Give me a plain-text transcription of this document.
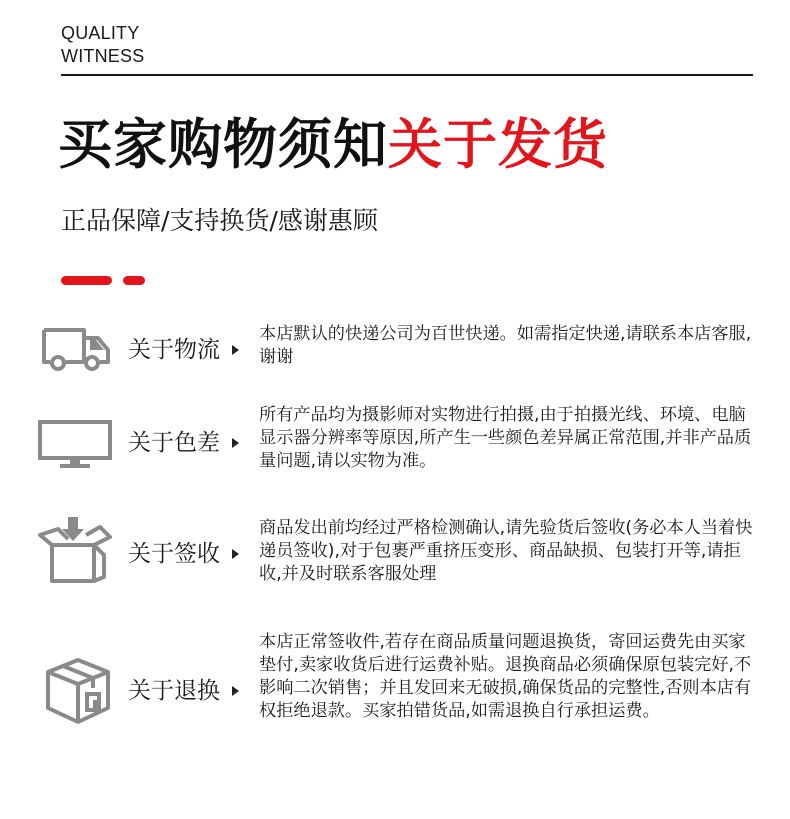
QUALITY
WITNESS
买家购物须知关于发货
正品保障/支持换货/感谢惠顾
关于物流

本店默认的快递公司为百世快递。如需指定快递,请联系本店客服,谢谢

关于色差

所有产品均为摄影师对实物进行拍摄,由于拍摄光线、环境、电脑显示器分辨率等原因,所产生一些颜色差异属正常范围,并非产品质量问题,请以实物为准。

关于签收

商品发出前均经过严格检测确认,请先验货后签收(务必本人当着快递员签收),对于包裹严重挤压变形、商品缺损、包装打开等,请拒收,并及时联系客服处理

关于退换

本店正常签收件,若存在商品质量问题退换货，寄回运费先由买家垫付,卖家收货后进行运费补贴。退换商品必须确保原包装完好,不影响二次销售；并且发回来无破损,确保货品的完整性,否则本店有权拒绝退款。买家拍错货品,如需退换自行承担运费。
